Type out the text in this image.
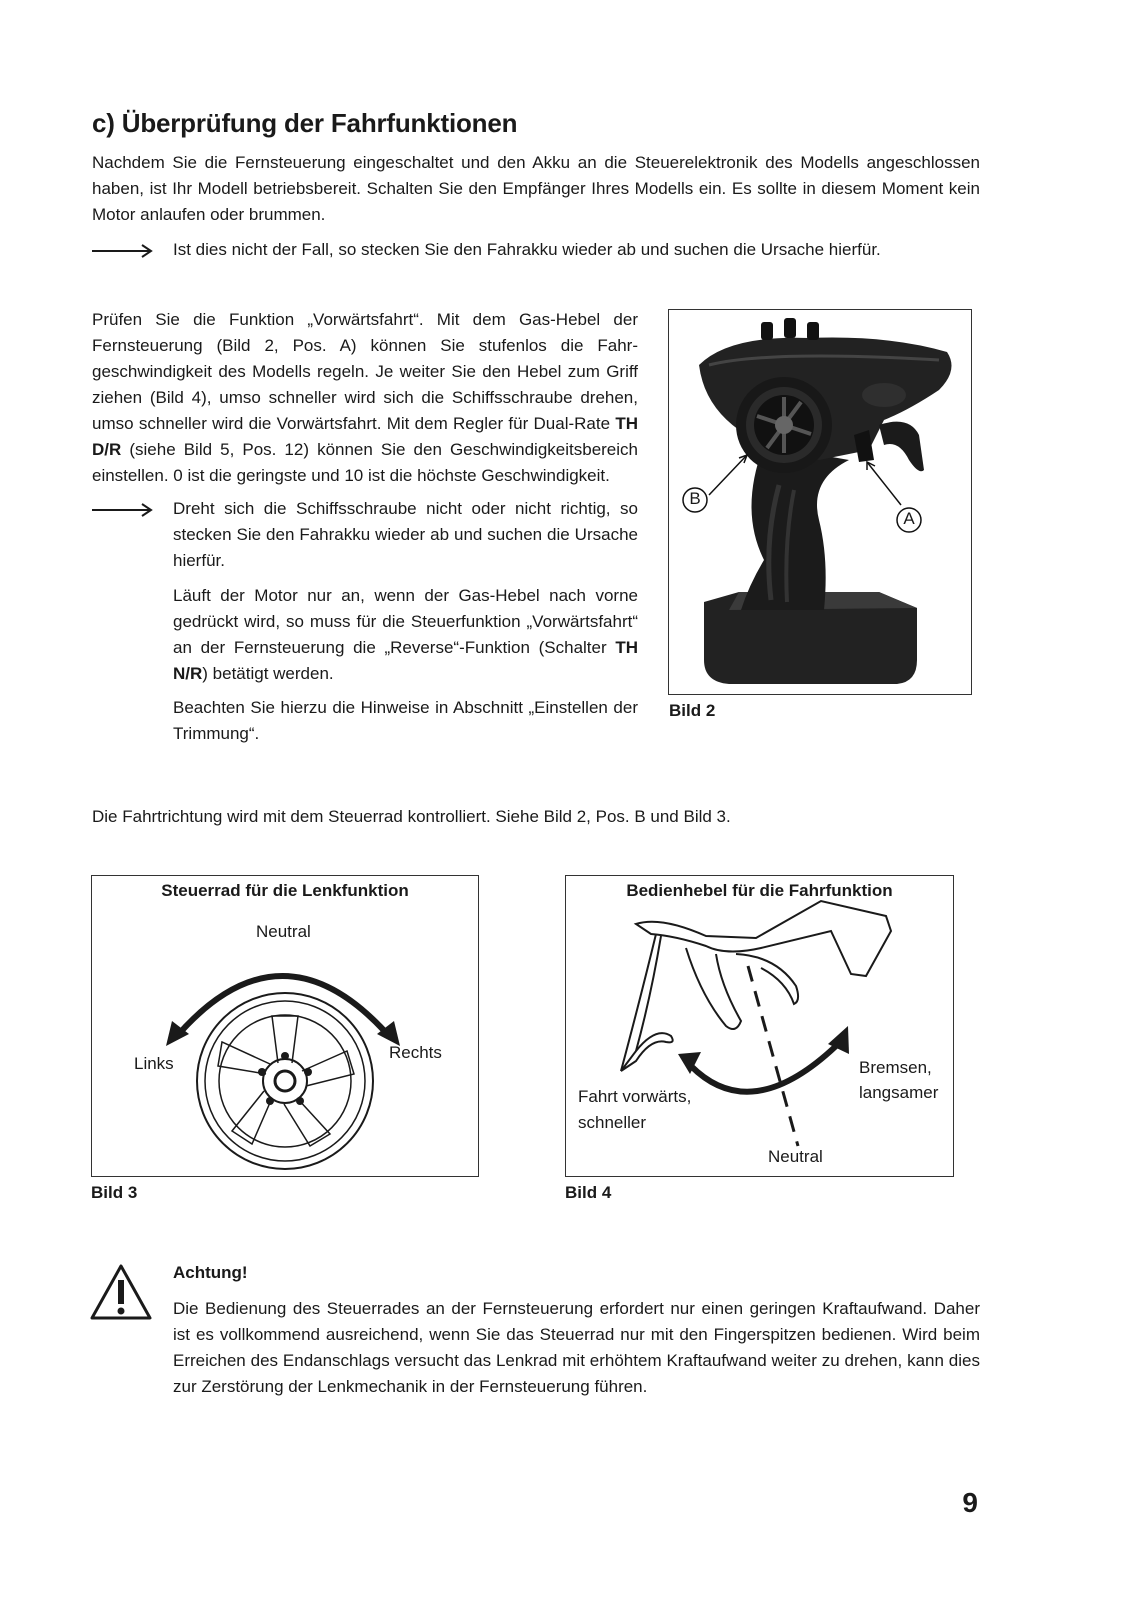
c) Überprüfung der Fahrfunktionen
Nachdem Sie die Fernsteuerung eingeschaltet und den Akku an die Steuerelektronik des Modells angeschlossen haben, ist Ihr Modell betriebsbereit. Schalten Sie den Empfänger Ihres Modells ein. Es sollte in diesem Moment kein Motor anlaufen oder brummen.
Ist dies nicht der Fall, so stecken Sie den Fahrakku wieder ab und suchen die Ursache hierfür.
Prüfen Sie die Funktion „Vorwärtsfahrt“. Mit dem Gas-Hebel der Fernsteuerung (Bild 2, Pos. A) können Sie stufenlos die Fahrgeschwindigkeit des Modells regeln. Je weiter Sie den Hebel zum Griff ziehen (Bild 4), umso schneller wird sich die Schiffsschraube drehen, umso schneller wird die Vorwärtsfahrt. Mit dem Regler für Dual-Rate TH D/R (siehe Bild 5, Pos. 12) können Sie den Geschwindigkeitsbereich einstellen. 0 ist die geringste und 10 ist die höchste Geschwindigkeit.
Dreht sich die Schiffsschraube nicht oder nicht richtig, so stecken Sie den Fahrakku wieder ab und suchen die Ursache hierfür.
Läuft der Motor nur an, wenn der Gas-Hebel nach vorne gedrückt wird, so muss für die Steuerfunktion „Vorwärtsfahrt“ an der Fernsteuerung die „Reverse“-Funktion (Schalter TH N/R) betätigt werden.
Beachten Sie hierzu die Hinweise in Abschnitt „Einstellen der Trimmung“.
B
A
Bild 2
Die Fahrtrichtung wird mit dem Steuerrad kontrolliert. Siehe Bild 2, Pos. B und Bild 3.
Steuerrad für die Lenkfunktion
Neutral
Links
Rechts
Bild 3
Bedienhebel für die Fahrfunktion
Fahrt vorwärts,
schneller
Bremsen,
langsamer
Neutral
Bild 4
Achtung!
Die Bedienung des Steuerrades an der Fernsteuerung erfordert nur einen geringen Kraftaufwand. Daher ist es vollkommend ausreichend, wenn Sie das Steuerrad nur mit den Fingerspitzen bedienen. Wird beim Erreichen des Endanschlags versucht das Lenkrad mit erhöhtem Kraftaufwand weiter zu drehen, kann dies zur Zerstörung der Lenkmechanik in der Fernsteuerung führen.
9
